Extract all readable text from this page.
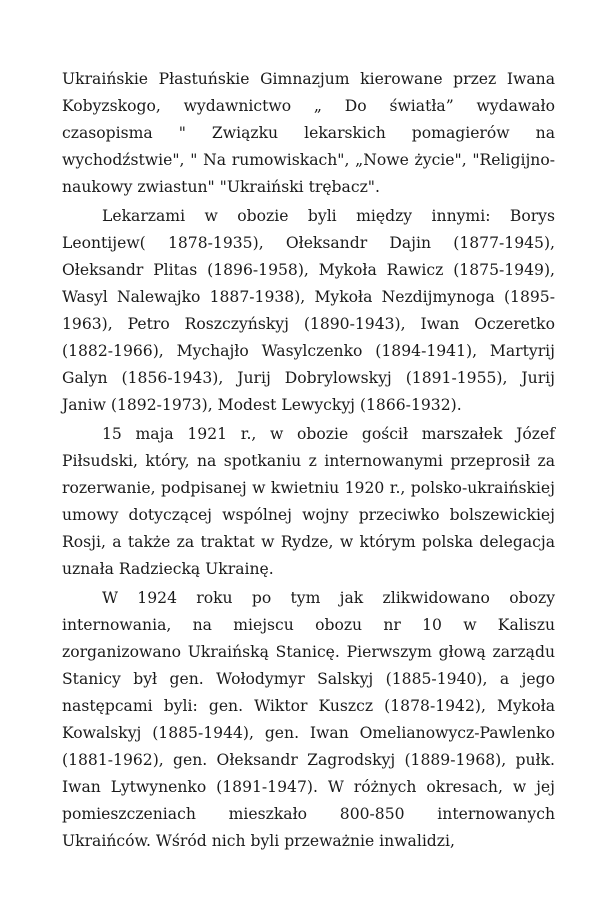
Ukraińskie Płastuńskie Gimnazjum kierowane przez Iwana Kobyzskogo, wydawnictwo „ Do światła” wydawało czasopisma " Związku lekarskich pomagierów na wychodźstwie", " Na rumowiskach", „Nowe życie", "Religijno-naukowy zwiastun" "Ukraiński trębacz".

Lekarzami w obozie byli między innymi: Borys Leontijew( 1878-1935), Ołeksandr Dajin (1877-1945), Ołeksandr Plitas (1896-1958), Mykoła Rawicz (1875-1949), Wasyl Nalewajko 1887-1938), Mykoła Nezdijmynoga (1895-1963), Petro Roszczyńskyj (1890-1943), Iwan Oczeretko (1882-1966), Mychajło Wasylczenko (1894-1941), Martyrij Galyn (1856-1943), Jurij Dobrylowskyj (1891-1955), Jurij Janiw (1892-1973), Modest Lewyckyj (1866-1932).

15 maja 1921 r., w obozie gościł marszałek Józef Piłsudski, który, na spotkaniu z internowanymi przeprosił za rozerwanie, podpisanej w kwietniu 1920 r., polsko-ukraińskiej umowy dotyczącej wspólnej wojny przeciwko bolszewickiej Rosji, a także za traktat w Rydze, w którym polska delegacja uznała Radziecką Ukrainę.

W 1924 roku po tym jak zlikwidowano obozy internowania, na miejscu obozu nr 10 w Kaliszu zorganizowano Ukraińską Stanicę. Pierwszym głową zarządu Stanicy był gen. Wołodymyr Salskyj (1885-1940), a jego następcami byli: gen. Wiktor Kuszcz (1878-1942), Mykoła Kowalskyj (1885-1944), gen. Iwan Omelianowycz-Pawlenko (1881-1962), gen. Ołeksandr Zagrodskyj (1889-1968), pułk. Iwan Lytwynenko (1891-1947). W różnych okresach, w jej pomieszczeniach mieszkało 800-850 internowanych Ukraińców. Wśród nich byli przeważnie inwalidzi,
